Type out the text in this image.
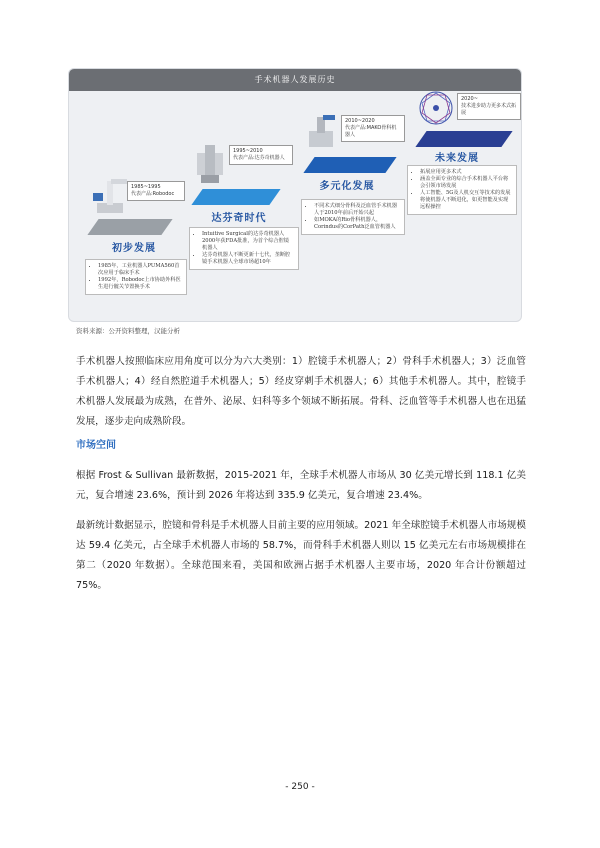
手术机器人发展历史
1985~1995
代表产品:Robodoc
初步发展
• 1985年，工业机器人PUMA560首次应用于临床手术
• 1992年，Robodoc上市协助外科医生进行髋关节置换手术
1995~2010
代表产品:达芬奇机器人
达芬奇时代
• Intuitive Surgical的达芬奇机器人2000年获FDA批准，为首个综合腔镜机器人
• 达芬奇机器人不断更新十七代，垄断腔镜手术机器人全球市场超10年
2010~2020
代表产品:MAKO骨科机器人
多元化发展
• 不同术式细分骨科及泛血管手术机器人于2010年前后开始兴起
• 如MOKA的Rio骨科机器人，Corindus的CorPath泛血管机器人
2020~
技术进步助力更多术式拓展
未来发展
• 拓展应用更多术式
• 涵盖全面专业的综合手术机器人平台将会引领市场发展
• 人工智能、5G及人机交互等技术的发展将使机器人不断进化，如更智能及实现远程操控
资料来源：公开资料整理，汉能分析

手术机器人按照临床应用角度可以分为六大类别：1）腔镜手术机器人；2）骨科手术机器人；3）泛血管手术机器人；4）经自然腔道手术机器人；5）经皮穿刺手术机器人；6）其他手术机器人。其中，腔镜手术机器人发展最为成熟，在普外、泌尿、妇科等多个领域不断拓展。骨科、泛血管等手术机器人也在迅猛发展，逐步走向成熟阶段。

市场空间

根据 Frost & Sullivan 最新数据，2015-2021 年，全球手术机器人市场从 30 亿美元增长到 118.1 亿美元，复合增速 23.6%，预计到 2026 年将达到 335.9 亿美元，复合增速 23.4%。

最新统计数据显示，腔镜和骨科是手术机器人目前主要的应用领域。2021 年全球腔镜手术机器人市场规模达 59.4 亿美元，占全球手术机器人市场的 58.7%，而骨科手术机器人则以 15 亿美元左右市场规模排在第二（2020 年数据）。全球范围来看，美国和欧洲占据手术机器人主要市场，2020 年合计份额超过 75%。

- 250 -
